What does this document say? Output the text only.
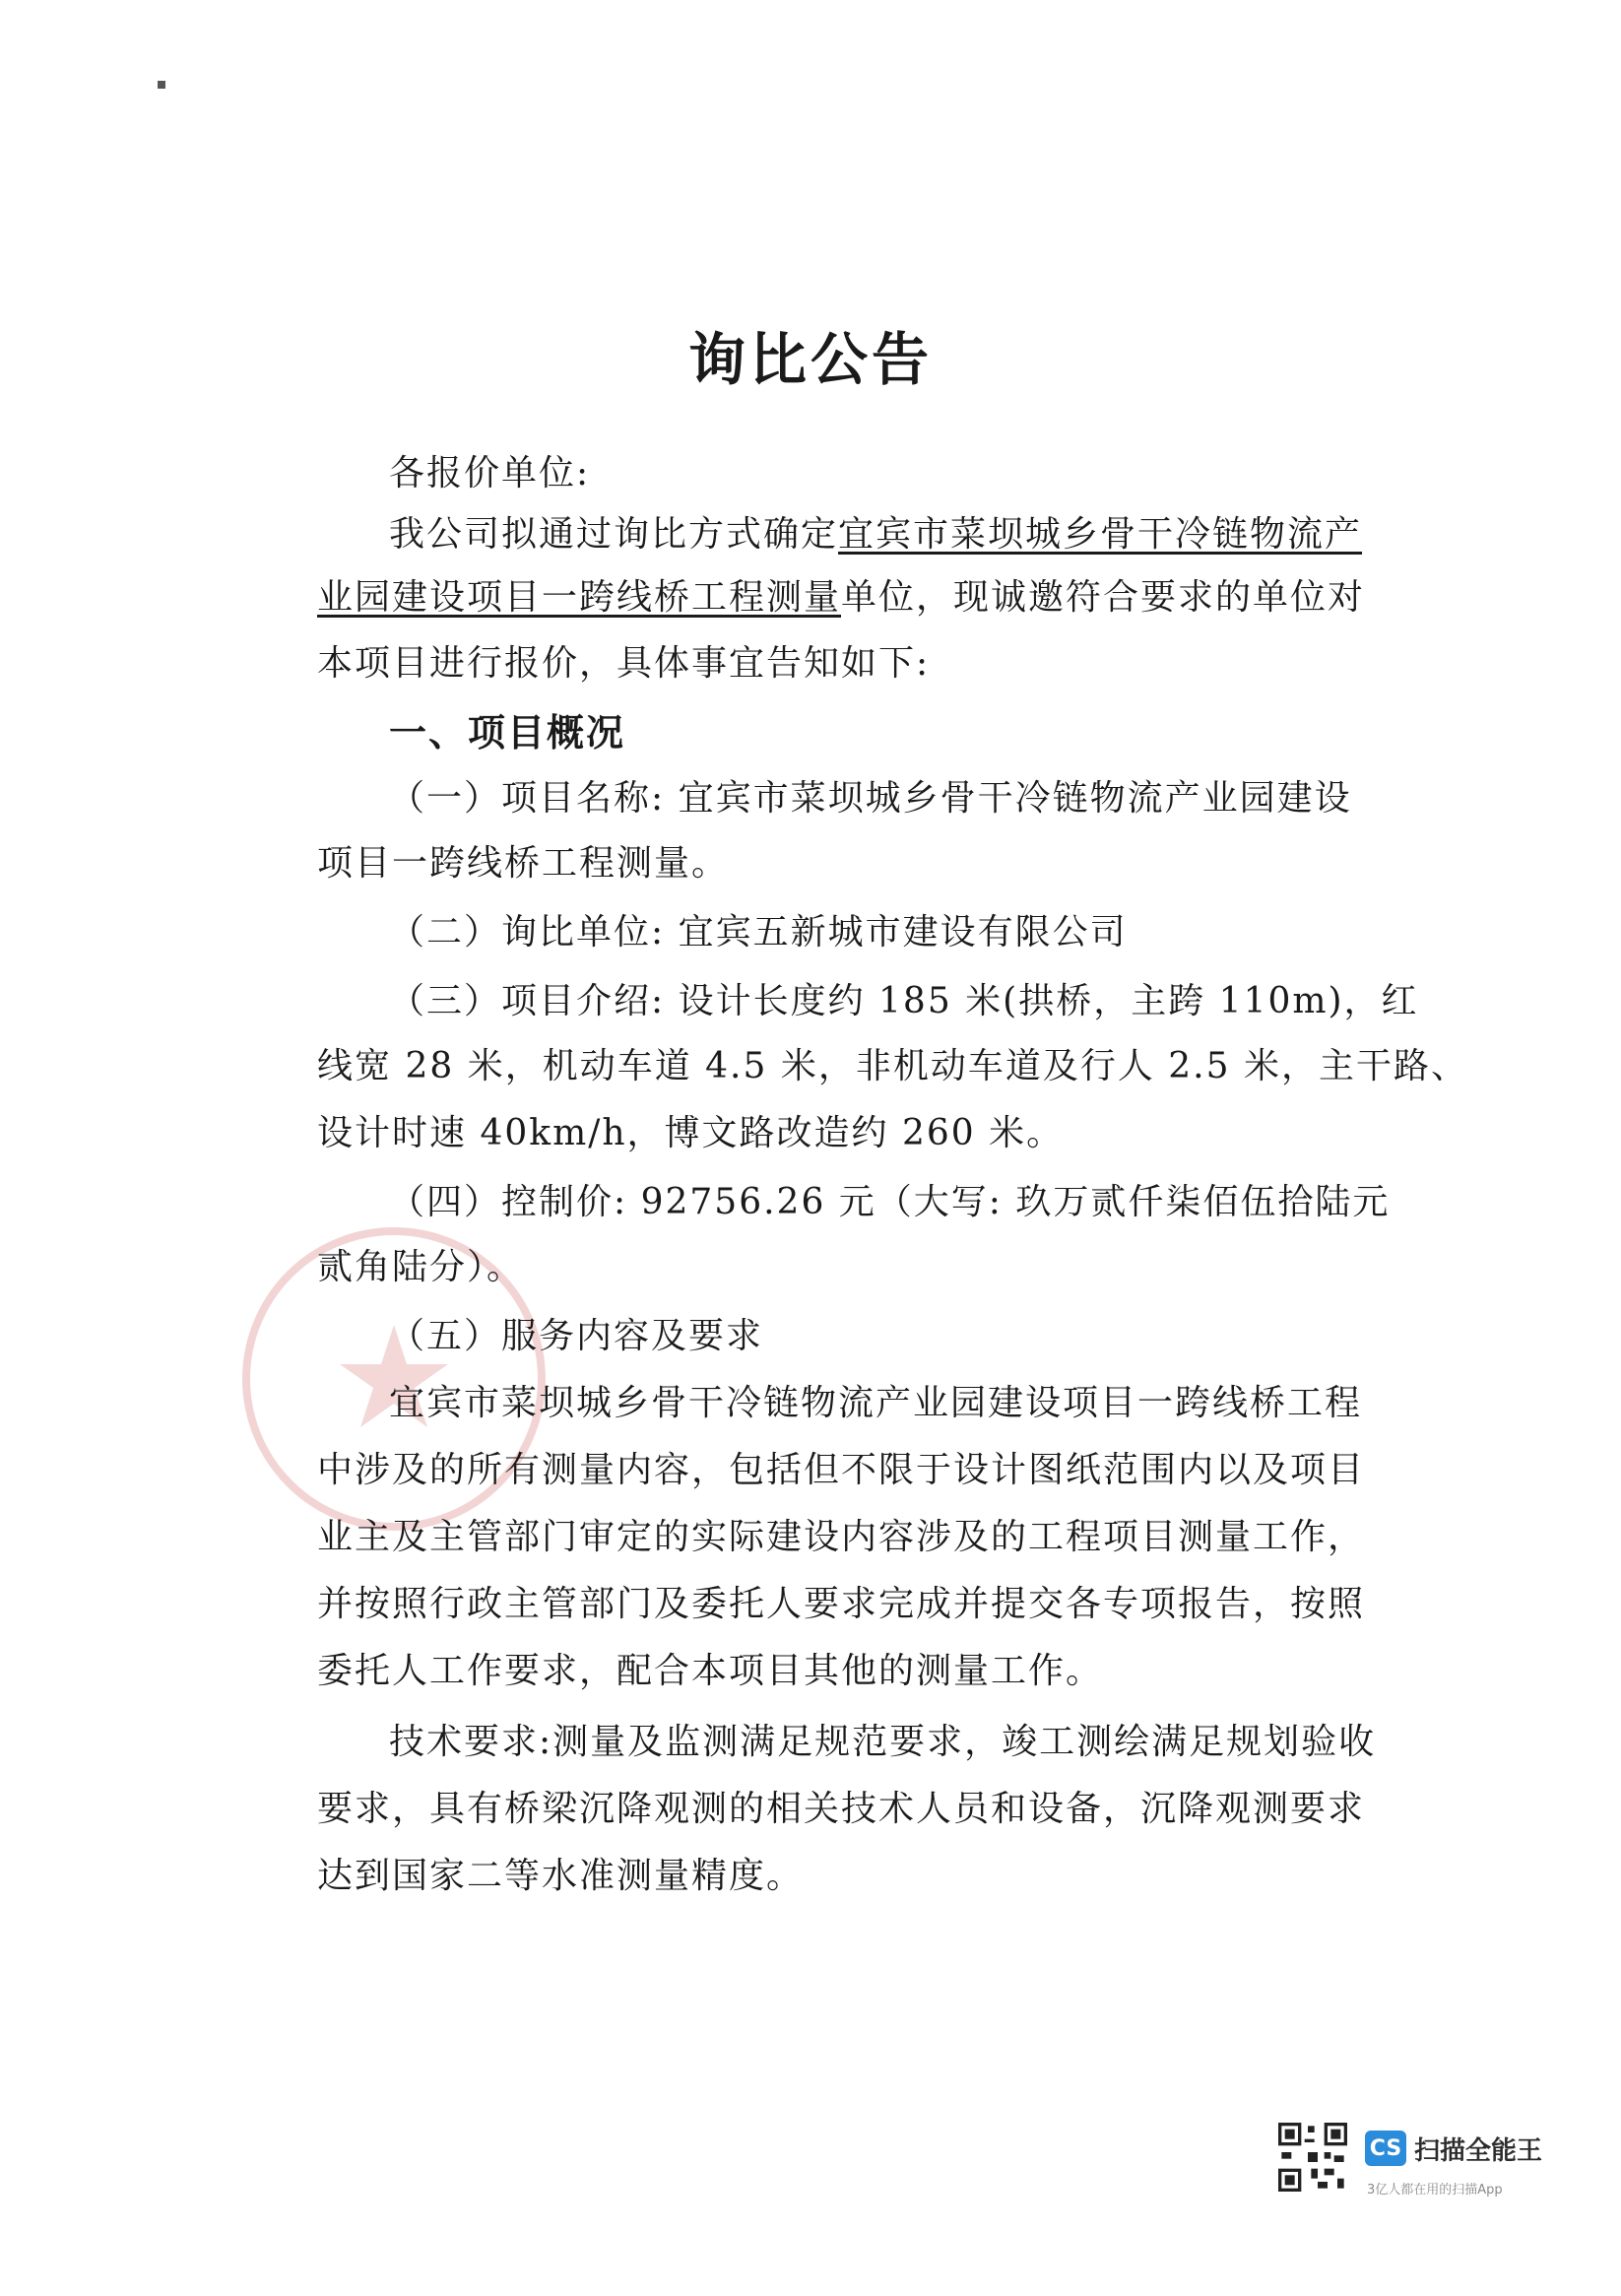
询比公告
各报价单位:
我公司拟通过询比方式确定宜宾市菜坝城乡骨干冷链物流产
业园建设项目一跨线桥工程测量单位，现诚邀符合要求的单位对
本项目进行报价，具体事宜告知如下:
一、项目概况
（一）项目名称: 宜宾市菜坝城乡骨干冷链物流产业园建设
项目一跨线桥工程测量。
（二）询比单位: 宜宾五新城市建设有限公司
（三）项目介绍: 设计长度约 185 米(拱桥，主跨 110m)，红
线宽 28 米，机动车道 4.5 米，非机动车道及行人 2.5 米，主干路、
设计时速 40km/h，博文路改造约 260 米。
（四）控制价: 92756.26 元（大写: 玖万贰仟柒佰伍拾陆元
贰角陆分）。
（五）服务内容及要求
宜宾市菜坝城乡骨干冷链物流产业园建设项目一跨线桥工程
中涉及的所有测量内容，包括但不限于设计图纸范围内以及项目
业主及主管部门审定的实际建设内容涉及的工程项目测量工作，
并按照行政主管部门及委托人要求完成并提交各专项报告，按照
委托人工作要求，配合本项目其他的测量工作。
技术要求:测量及监测满足规范要求，竣工测绘满足规划验收
要求，具有桥梁沉降观测的相关技术人员和设备，沉降观测要求
达到国家二等水准测量精度。
CS 扫描全能王
3亿人都在用的扫描App
